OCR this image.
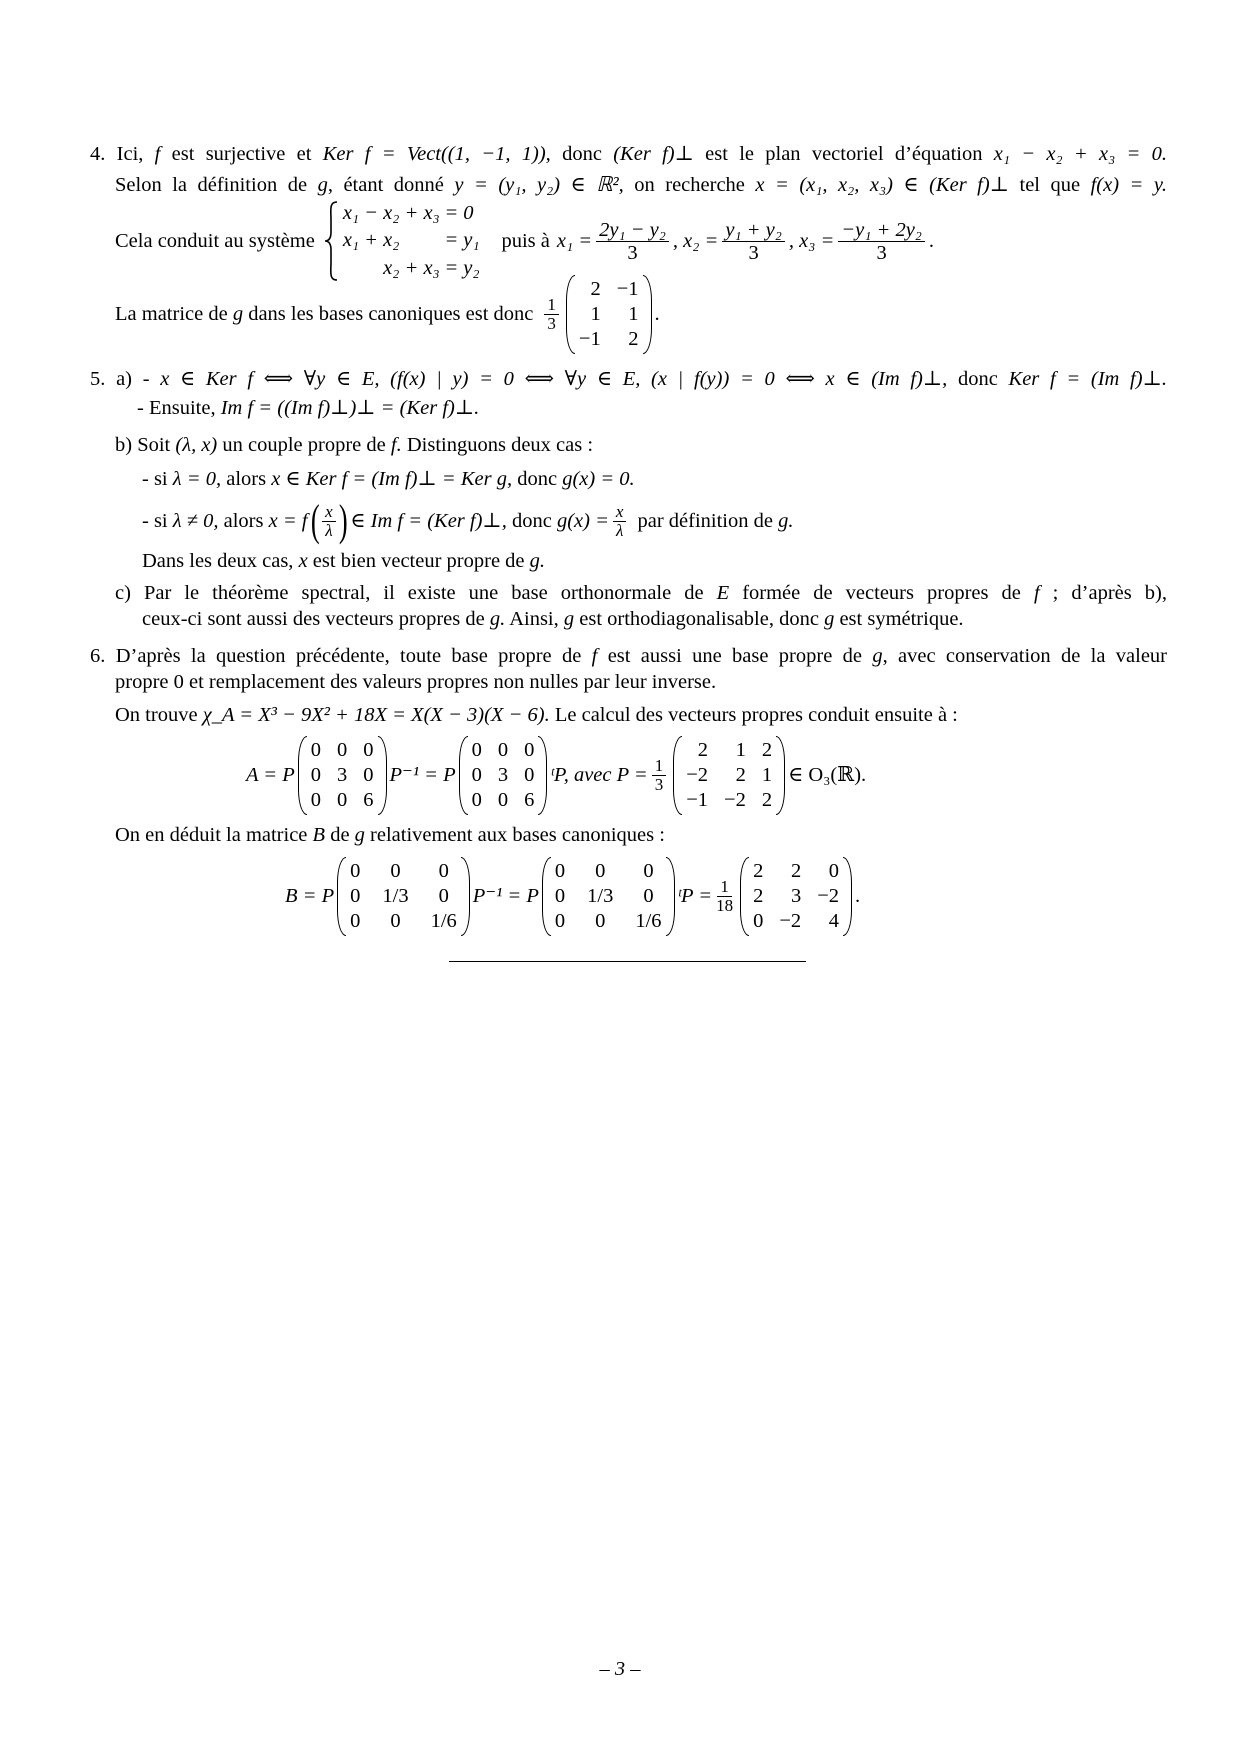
4. Ici, f est surjective et Ker f = Vect((1, −1, 1)), donc (Ker f)⊥ est le plan vectoriel d’équation x₁ − x₂ + x₃ = 0.
Selon la définition de g, étant donné y = (y₁, y₂) ∈ ℝ², on recherche x = (x₁, x₂, x₃) ∈ (Ker f)⊥ tel que f(x) = y.
Cela conduit au système
x₁ − x₂ + x₃ = 0
x₁ + x₂	= y₁
x₂ + x₃ = y₂
puis à $x_1 = \frac{\text{2y₁ − y₂}}{3}$ , $x_2 = \frac{\text{y₁ + y₂}}{3}$ , $x_3 = \frac{\text{−y₁ + 2y₂}}{3}$ .
La matrice de g dans les bases canoniques est donc $\frac{1}{3}$
2 −1
1	1
−1	2
.
5. a) - x ∈ Ker f ⟺ ∀y ∈ E, (f(x) | y) = 0 ⟺ ∀y ∈ E, (x | f(y)) = 0 ⟺ x ∈ (Im f)⊥, donc Ker f = (Im f)⊥.
- Ensuite, Im f = ((Im f)⊥)⊥ = (Ker f)⊥.
b) Soit (λ, x) un couple propre de f. Distinguons deux cas :
- si λ = 0, alors x ∈ Ker f = (Im f)⊥ = Ker g, donc g(x) = 0.
- si λ ≠ 0, alors x = f ( $\frac{x}{\lambda}$ ) ∈ Im f = (Ker f)⊥, donc $g(x) = \frac{x}{\lambda}$ par définition de g.
Dans les deux cas, x est bien vecteur propre de g.
c) Par le théorème spectral, il existe une base orthonormale de E formée de vecteurs propres de f ; d’après b),
ceux-ci sont aussi des vecteurs propres de g. Ainsi, g est orthodiagonalisable, donc g est symétrique.
6. D’après la question précédente, toute base propre de f est aussi une base propre de g, avec conservation de la valeur
propre 0 et remplacement des valeurs propres non nulles par leur inverse.
On trouve χ_A = X³ − 9X² + 18X = X(X − 3)(X − 6). Le calcul des vecteurs propres conduit ensuite à :
A = P
0 0 0
0 3 0
0 0 6
P⁻¹ = P
0 0 0
0 3 0
0 0 6
ᵗP, avec $P = \frac{1}{3}$
2	1 2
−2	2 1
−1 −2 2
∈ O₃(ℝ).
On en déduit la matrice B de g relativement aux bases canoniques :
B = P
0	0	0
0 1/3	0
0	0	1/6
P⁻¹ = P
0	0	0
0 1/3	0
0	0	1/6
ᵗP = $\frac{1}{18}$
2	2	0
2	3 −2
0 −2	4
.
– 3 –
